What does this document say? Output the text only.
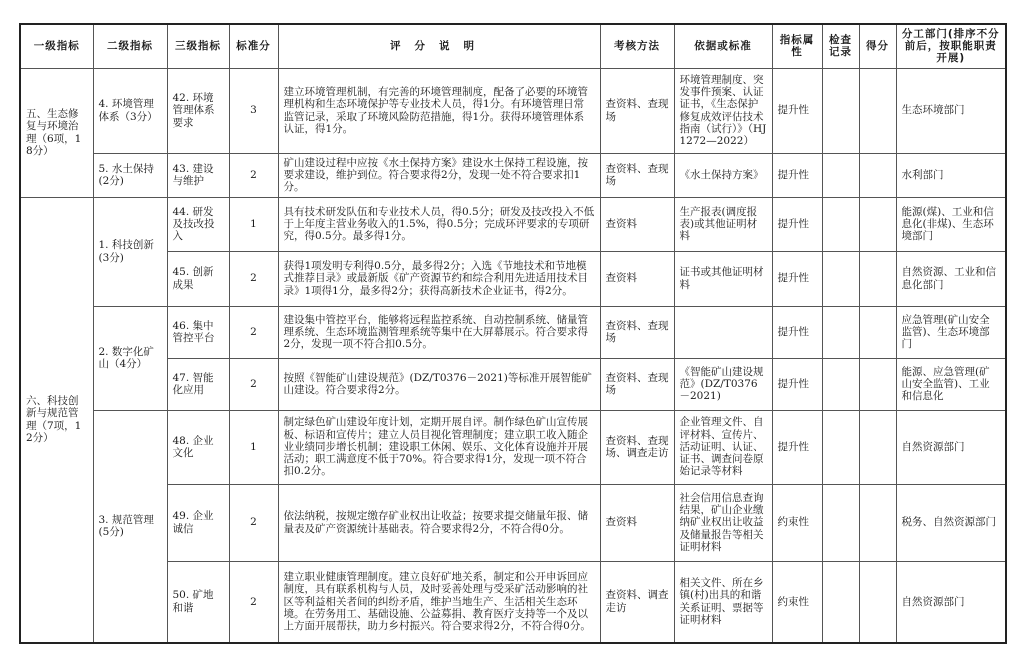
一级指标	二级指标	三级指标	标准分	评分说明	考核方法	依据或标准	指标属性	检查记录	得分	分工部门(排序不分前后，按职能职责开展)
五、生态修复与环境治理（6项，18分）	4. 环境管理体系（3分）	42. 环境管理体系要求	3	建立环境管理机制，有完善的环境管理制度，配备了必要的环境管理机构和生态环境保护等专业技术人员，得1分。有环境管理日常监管记录，采取了环境风险防范措施，得1分。获得环境管理体系认证，得1分。	查资料、查现场	环境管理制度、突发事件预案、认证证书，《生态保护修复成效评估技术指南（试行）》（HJ1272—2022）	提升性			生态环境部门
	5. 水土保持(2分)	43. 建设与维护	2	矿山建设过程中应按《水土保持方案》建设水土保持工程设施，按要求建设，维护到位。符合要求得2分，发现一处不符合要求扣1分。	查资料、查现场	《水土保持方案》	提升性			水利部门
六、科技创新与规范管理（7项，12分）	1. 科技创新(3分)	44. 研发及技改投入	1	具有技术研发队伍和专业技术人员，得0.5分；研发及技改投入不低于上年度主营业务收入的1.5%，得0.5分；完成环评要求的专项研究，得0.5分。最多得1分。	查资料	生产报表(调度报表)或其他证明材料	提升性			能源(煤)、工业和信息化(非煤)、生态环境部门
		45. 创新成果	2	获得1项发明专利得0.5分，最多得2分；入选《节地技术和节地模式推荐目录》或最新版《矿产资源节约和综合利用先进适用技术目录》1项得1分，最多得2分；获得高新技术企业证书，得2分。	查资料	证书或其他证明材料	提升性			自然资源、工业和信息化部门
	2. 数字化矿山（4分）	46. 集中管控平台	2	建设集中管控平台，能够将远程监控系统、自动控制系统、储量管理系统、生态环境监测管理系统等集中在大屏幕展示。符合要求得2分，发现一项不符合扣0.5分。	查资料、查现场		提升性			应急管理(矿山安全监管)、生态环境部门
		47. 智能化应用	2	按照《智能矿山建设规范》(DZ/T0376－2021)等标准开展智能矿山建设。符合要求得2分。	查资料、查现场	《智能矿山建设规范》(DZ/T0376－2021)	提升性			能源、应急管理(矿山安全监管)、工业和信息化
	3. 规范管理(5分)	48. 企业文化	1	制定绿色矿山建设年度计划，定期开展自评。制作绿色矿山宣传展板、标语和宣传片；建立人员目视化管理制度；建立职工收入随企业业绩同步增长机制；建设职工休闲、娱乐、文化体育设施并开展活动；职工满意度不低于70%。符合要求得1分，发现一项不符合扣0.2分。	查资料、查现场、调查走访	企业管理文件、自评材料、宣传片、活动证明、认证、证书、调查问卷原始记录等材料	提升性			自然资源部门
		49. 企业诚信	2	依法纳税，按规定缴存矿业权出让收益；按要求提交储量年报、储量表及矿产资源统计基础表。符合要求得2分，不符合得0分。	查资料	社会信用信息查询结果，矿山企业缴纳矿业权出让收益及储量报告等相关证明材料	约束性			税务、自然资源部门
		50. 矿地和谐	2	建立职业健康管理制度。建立良好矿地关系，制定和公开申诉回应制度，具有联系机构与人员，及时妥善处理与受采矿活动影响的社区等利益相关者间的纠纷矛盾，维护当地生产、生活相关生态环境。在劳务用工、基础设施、公益募捐、教育医疗支持等一个及以上方面开展帮扶，助力乡村振兴。符合要求得2分，不符合得0分。	查资料、调查走访	相关文件、所在乡镇(村)出具的和谐关系证明、票据等证明材料	约束性			自然资源部门
